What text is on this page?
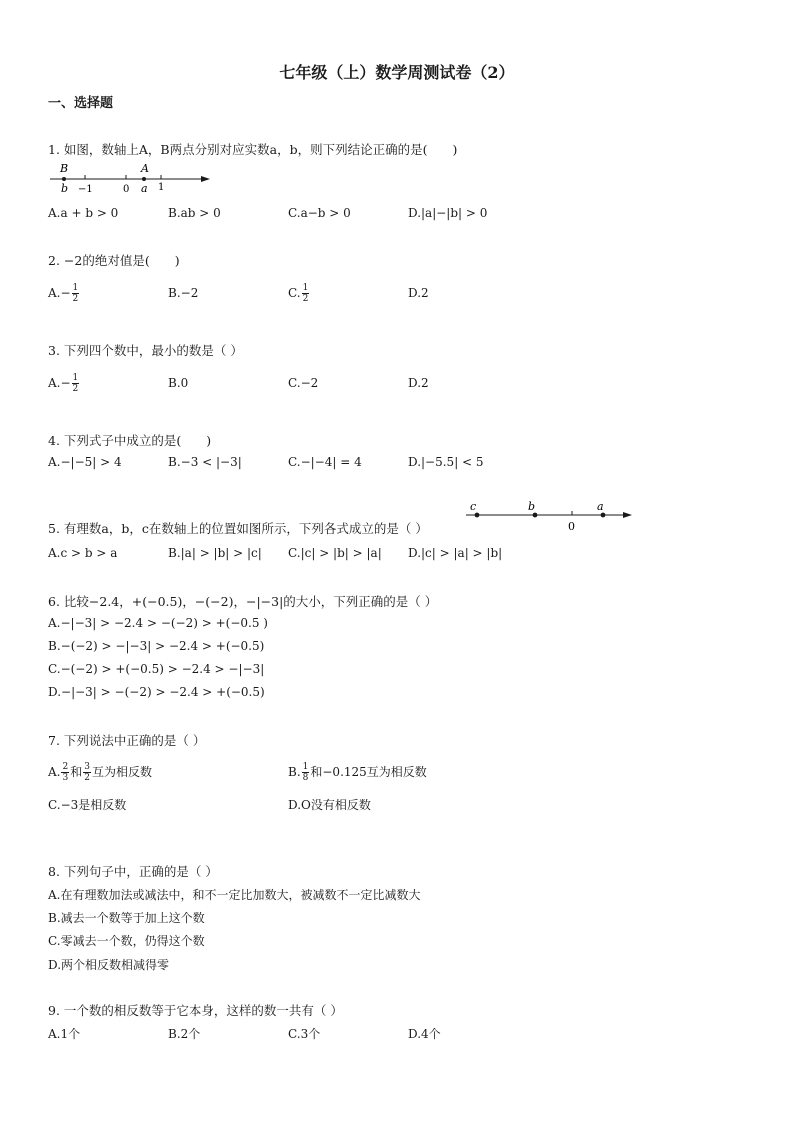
七年级（上）数学周测试卷（2）
一、选择题
1. 如图，数轴上A，B两点分别对应实数a，b，则下列结论正确的是(　　)
B	A
b −1	0 a 1
A.a + b > 0	B.ab > 0	C.a−b > 0	D.|a|−|b| > 0
2. −2的绝对值是(　　)
$A.- \frac{1}{2}$	B.−2	C. $\frac{1}{2}$	D.2
3. 下列四个数中，最小的数是（ ）
$A.- \frac{1}{2}$	B.0	C.−2	D.2
4. 下列式子中成立的是(　　)
A.−|−5| > 4	B.−3 < |−3|	C.−|−4| = 4	D.|−5.5| < 5
5. 有理数a，b，c在数轴上的位置如图所示，下列各式成立的是（ ）
c	b
0
a
A.c > b > a	B.|a| > |b| > |c| C.|c| > |b| > |a| D.|c| > |a| > |b|
6. 比较−2.4，+(−0.5)，−(−2)，−|−3|的大小，下列正确的是（ ）
A.−|−3| > −2.4 > −(−2) > +(−0.5 )
B.−(−2) > −|−3| > −2.4 > +(−0.5)
C.−(−2) > +(−0.5) > −2.4 > −|−3|
D.−|−3| > −(−2) > −2.4 > +(−0.5)
7. 下列说法中正确的是（ ）
A. $\frac{2}{3}$ 和 $\frac{3}{2}$ 互为相反数	B. $\frac{1}{8}$ 和−0.125互为相反数
C.−3是相反数	D.O没有相反数
8. 下列句子中，正确的是（ ）
A.在有理数加法或减法中，和不一定比加数大，被减数不一定比减数大
B.减去一个数等于加上这个数
C.零减去一个数，仍得这个数
D.两个相反数相减得零
9. 一个数的相反数等于它本身，这样的数一共有（ ）
A.1个	B.2个	C.3个	D.4个
